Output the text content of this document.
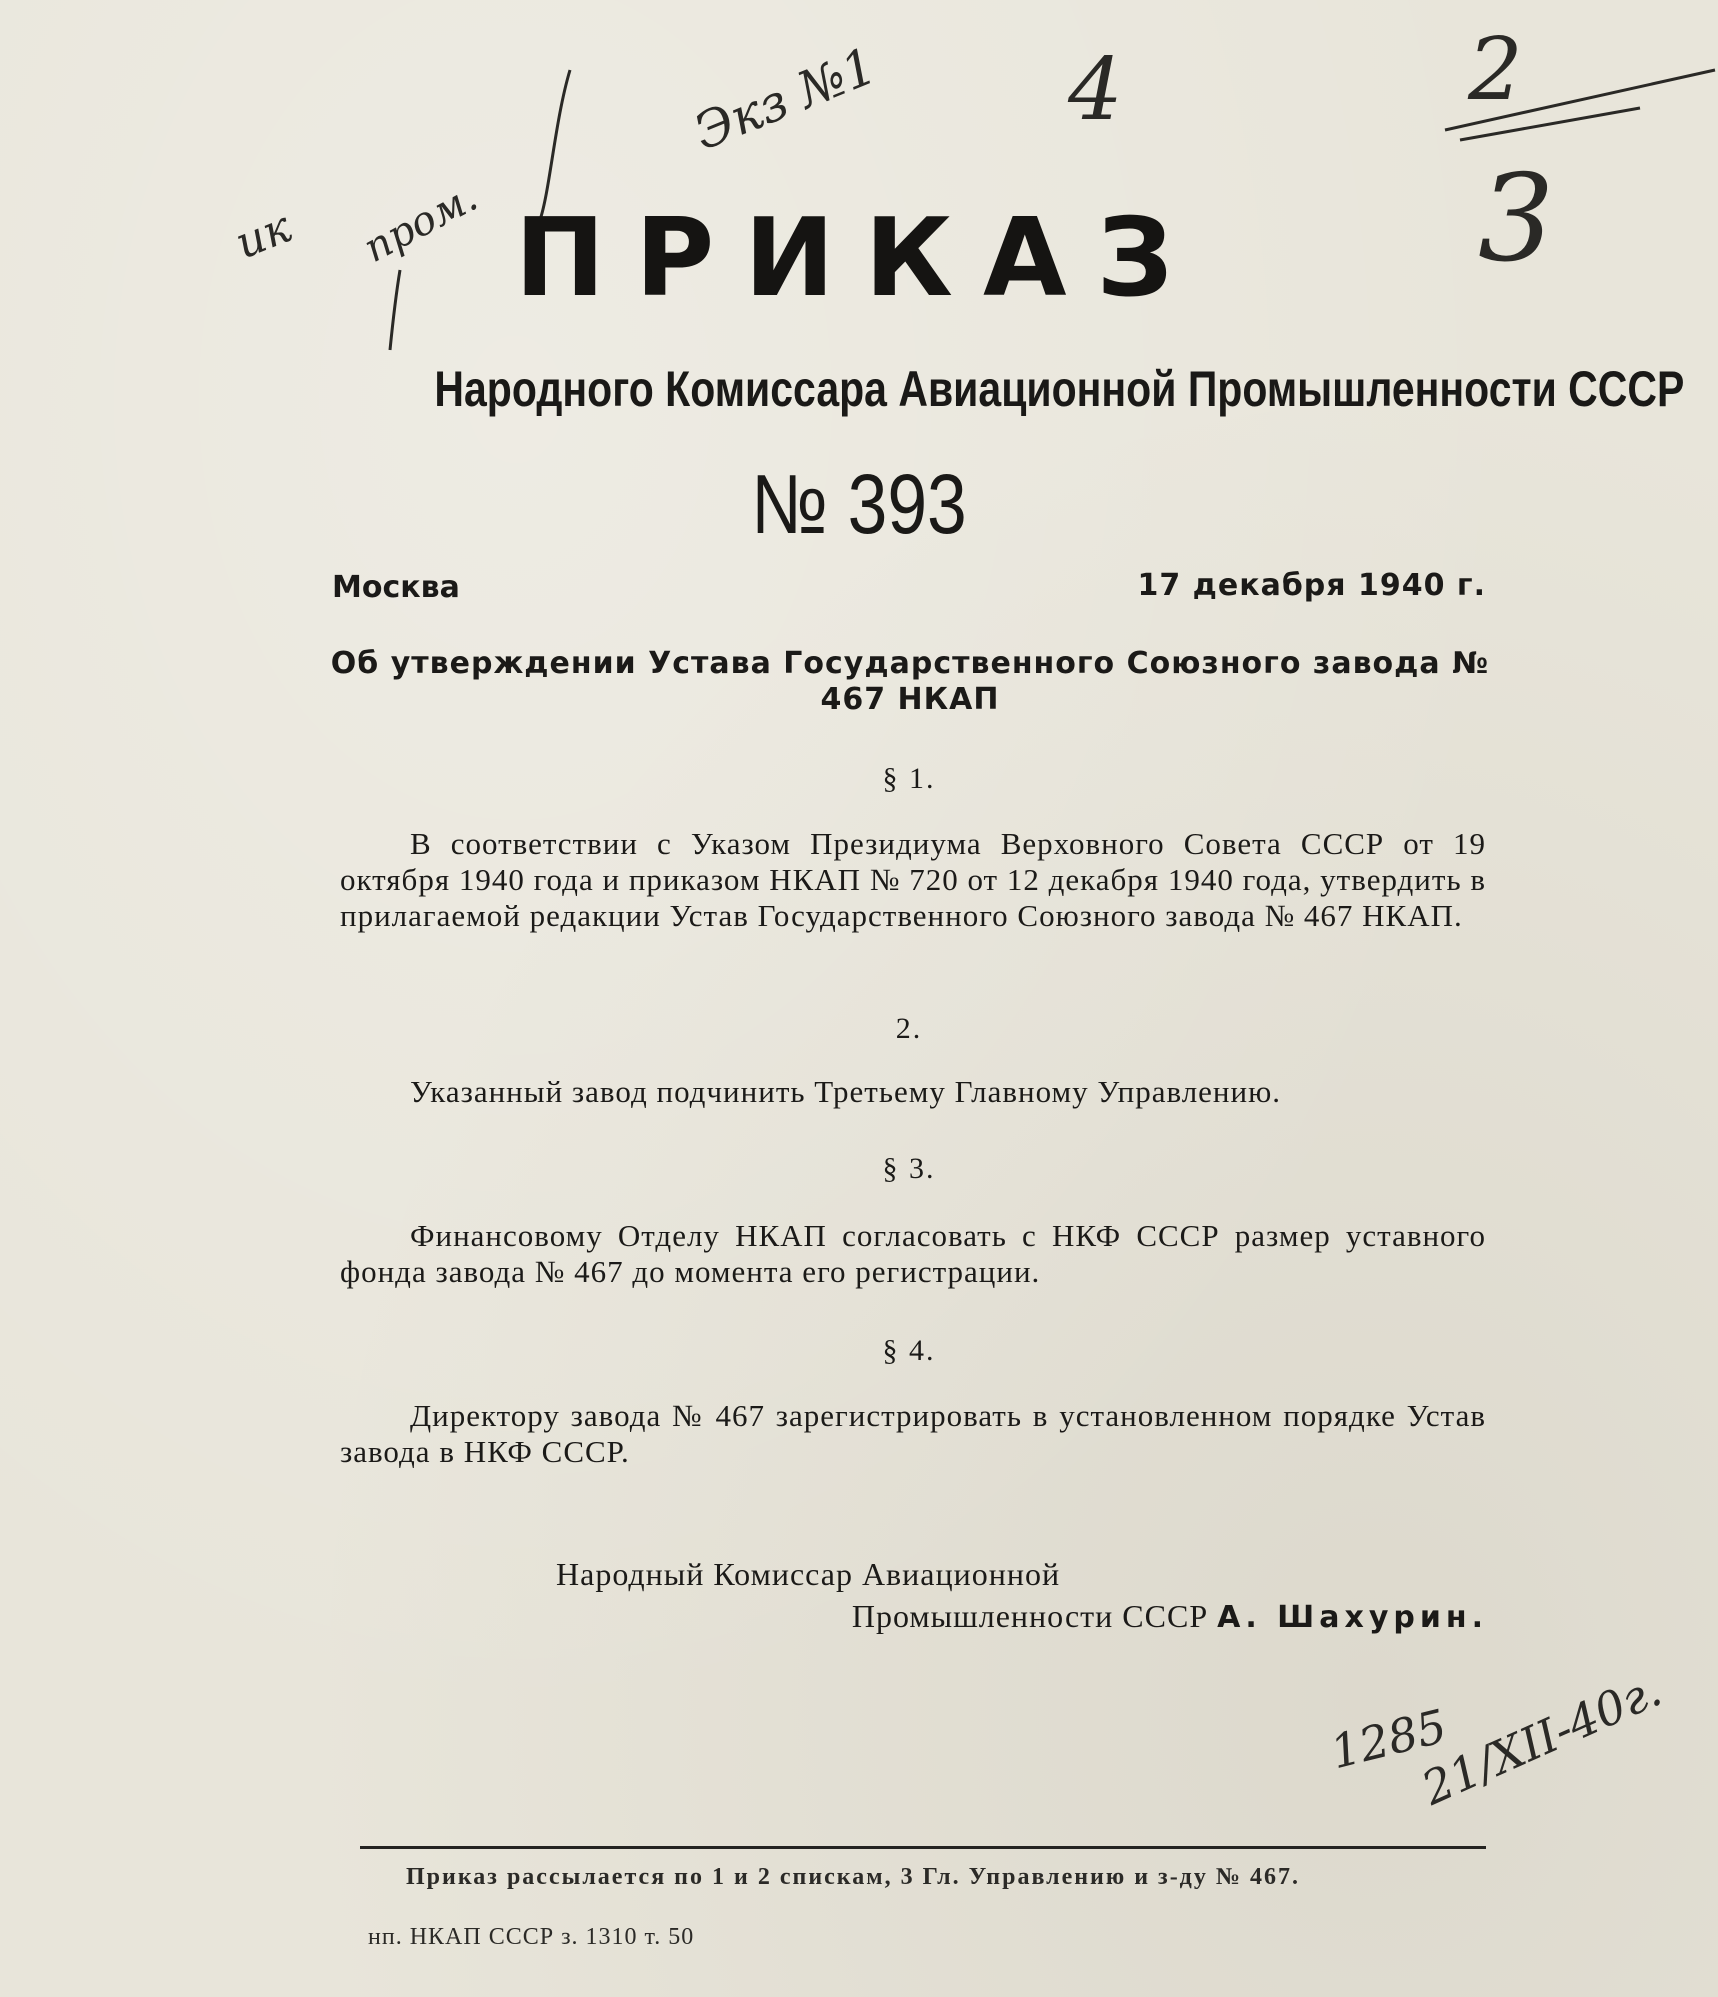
ик пром.
Экз №1 4	2
3
ПРИКАЗ
Народного Комиссара Авиационной Промышленности СССР
№ 393
Москва	17 декабря 1940 г.
Об утверждении Устава Государственного Союзного завода № 467 НКАП
§ 1.
В соответствии с Указом Президиума Верховного Совета СССР от 19 октября 1940 года и приказом НКАП № 720 от 12 декабря 1940 года, утвердить в прилагаемой редакции Устав Государственного Союзного завода № 467 НКАП.
2.
Указанный завод подчинить Третьему Главному Управлению.
§ 3.
Финансовому Отделу НКАП согласовать с НКФ СССР размер уставного фонда завода № 467 до момента его регистрации.
§ 4.
Директору завода № 467 зарегистрировать в установленном порядке Устав завода в НКФ СССР.
Народный Комиссар Авиационной
Промышленности СССР А. Шахурин.
1285
21/XII-40г.
Приказ рассылается по 1 и 2 спискам, 3 Гл. Управлению и з-ду № 467.
нп. НКАП СССР з. 1310 т. 50
